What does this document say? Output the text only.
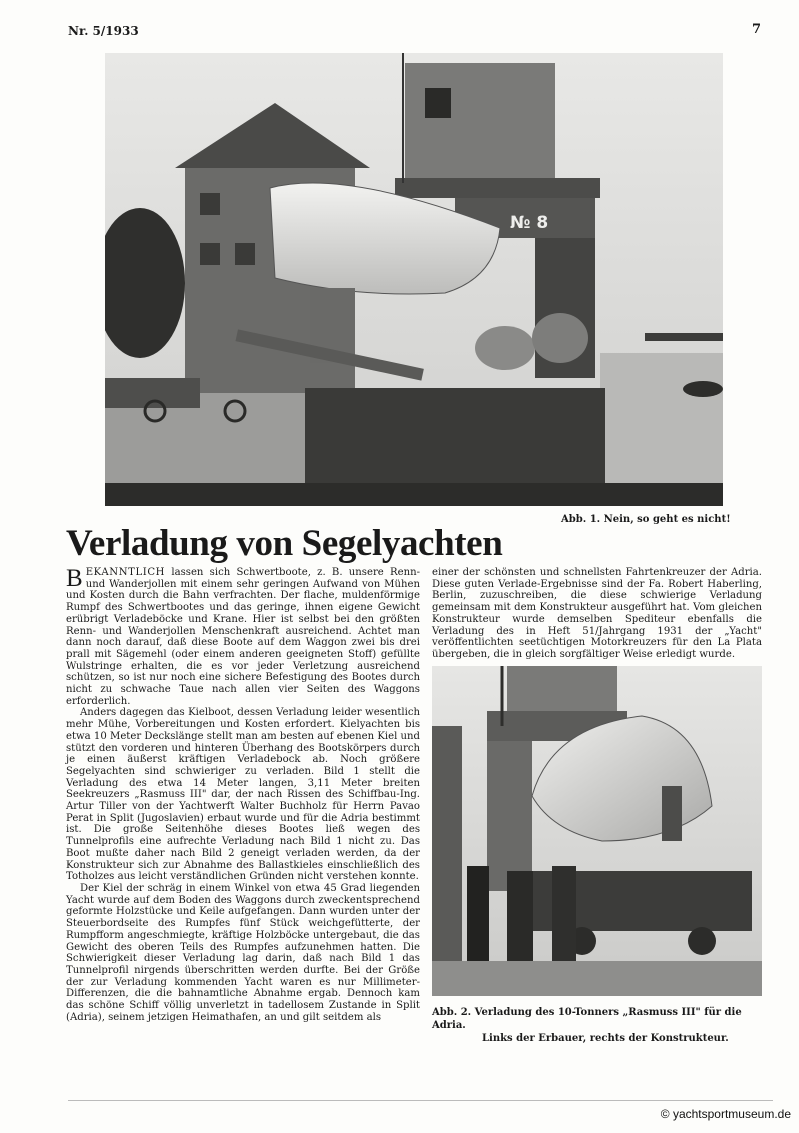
Nr. 5/1933	7
№ 8
Abb. 1. Nein, so geht es nicht!
Verladung von Segelyachten

BEKANNTLICH lassen sich Schwertboote, z. B. unsere Renn- und Wanderjollen mit einem sehr geringen Aufwand von Mühen und Kosten durch die Bahn verfrachten. Der flache, muldenförmige Rumpf des Schwertbootes und das geringe, ihnen eigene Gewicht erübrigt Verladeböcke und Krane. Hier ist selbst bei den größten Renn- und Wanderjollen Menschenkraft ausreichend. Achtet man dann noch darauf, daß diese Boote auf dem Waggon zwei bis drei prall mit Sägemehl (oder einem anderen geeigneten Stoff) gefüllte Wulstringe erhalten, die es vor jeder Verletzung ausreichend schützen, so ist nur noch eine sichere Befestigung des Bootes durch nicht zu schwache Taue nach allen vier Seiten des Waggons erforderlich.

Anders dagegen das Kielboot, dessen Verladung leider wesentlich mehr Mühe, Vorbereitungen und Kosten erfordert. Kielyachten bis etwa 10 Meter Deckslänge stellt man am besten auf ebenen Kiel und stützt den vorderen und hinteren Überhang des Bootskörpers durch je einen äußerst kräftigen Verladebock ab. Noch größere Segelyachten sind schwieriger zu verladen. Bild 1 stellt die Verladung des etwa 14 Meter langen, 3,11 Meter breiten Seekreuzers „Rasmuss III" dar, der nach Rissen des Schiffbau-Ing. Artur Tiller von der Yachtwerft Walter Buchholz für Herrn Pavao Perat in Split (Jugoslavien) erbaut wurde und für die Adria bestimmt ist. Die große Seitenhöhe dieses Bootes ließ wegen des Tunnelprofils eine aufrechte Verladung nach Bild 1 nicht zu. Das Boot mußte daher nach Bild 2 geneigt verladen werden, da der Konstrukteur sich zur Abnahme des Ballastkieles einschließlich des Totholzes aus leicht verständlichen Gründen nicht verstehen konnte.

Der Kiel der schräg in einem Winkel von etwa 45 Grad liegenden Yacht wurde auf dem Boden des Waggons durch zweckentsprechend geformte Holzstücke und Keile aufgefangen. Dann wurden unter der Steuerbordseite des Rumpfes fünf Stück weichgefütterte, der Rumpfform angeschmiegte, kräftige Holzböcke untergebaut, die das Gewicht des oberen Teils des Rumpfes aufzunehmen hatten. Die Schwierigkeit dieser Verladung lag darin, daß nach Bild 1 das Tunnelprofil nirgends überschritten werden durfte. Bei der Größe der zur Verladung kommenden Yacht waren es nur Millimeter-Differenzen, die die bahnamtliche Abnahme ergab. Dennoch kam das schöne Schiff völlig unverletzt in tadellosem Zustande in Split (Adria), seinem jetzigen Heimathafen, an und gilt seitdem als

einer der schönsten und schnellsten Fahrtenkreuzer der Adria. Diese guten Verlade-Ergebnisse sind der Fa. Robert Haberling, Berlin, zuzuschreiben, die diese schwierige Verladung gemeinsam mit dem Konstrukteur ausgeführt hat. Vom gleichen Konstrukteur wurde demselben Spediteur ebenfalls die Verladung des in Heft 51/Jahrgang 1931 der „Yacht" veröffentlichten seetüchtigen Motorkreuzers für den La Plata übergeben, die in gleich sorgfältiger Weise erledigt wurde.

Abb. 2. Verladung des 10-Tonners „Rasmuss III" für die Adria.
Links der Erbauer, rechts der Konstrukteur.
© yachtsportmuseum.de
